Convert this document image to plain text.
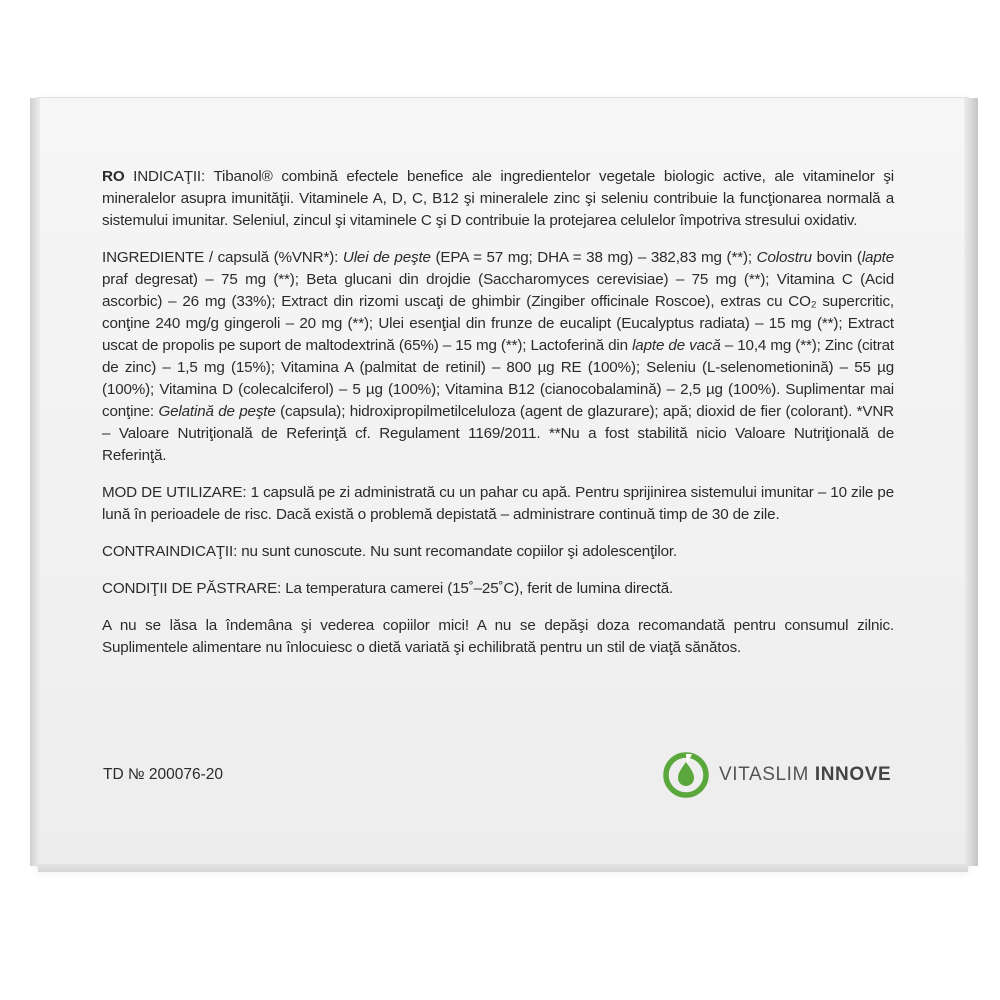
RO INDICAŢII: Tibanol® combină efectele benefice ale ingredientelor vegetale biologic active, ale vitaminelor şi mineralelor asupra imunităţii. Vitaminele A, D, C, B12 şi mineralele zinc şi seleniu contribuie la funcţionarea normală a sistemului imunitar. Seleniul, zincul şi vitaminele C şi D contribuie la protejarea celulelor împotriva stresului oxidativ.

INGREDIENTE / capsulă (%VNR*): Ulei de peşte (EPA = 57 mg; DHA = 38 mg) – 382,83 mg (**); Colostru bovin (lapte praf degresat) – 75 mg (**); Beta glucani din drojdie (Saccharomyces cerevisiae) – 75 mg (**); Vitamina C (Acid ascorbic) – 26 mg (33%); Extract din rizomi uscaţi de ghimbir (Zingiber officinale Roscoe), extras cu CO₂ supercritic, conţine 240 mg/g gingeroli – 20 mg (**); Ulei esenţial din frunze de eucalipt (Eucalyptus radiata) – 15 mg (**); Extract uscat de propolis pe suport de maltodextrină (65%) – 15 mg (**); Lactoferină din lapte de vacă – 10,4 mg (**); Zinc (citrat de zinc) – 1,5 mg (15%); Vitamina A (palmitat de retinil) – 800 µg RE (100%); Seleniu (L-selenometionină) – 55 µg (100%); Vitamina D (colecalciferol) – 5 µg (100%); Vitamina B12 (cianocobalamină) – 2,5 µg (100%). Suplimentar mai conţine: Gelatină de peşte (capsula); hidroxipropilmetilceluloza (agent de glazurare); apă; dioxid de fier (colorant). *VNR – Valoare Nutriţională de Referinţă cf. Regulament 1169/2011. **Nu a fost stabilită nicio Valoare Nutriţională de Referinţă.

MOD DE UTILIZARE: 1 capsulă pe zi administrată cu un pahar cu apă. Pentru sprijinirea sistemului imunitar – 10 zile pe lună în perioadele de risc. Dacă există o problemă depistată – administrare continuă timp de 30 de zile.

CONTRAINDICAŢII: nu sunt cunoscute. Nu sunt recomandate copiilor şi adolescenţilor.

CONDIŢII DE PĂSTRARE: La temperatura camerei (15˚–25˚C), ferit de lumina directă.

A nu se lăsa la îndemâna şi vederea copiilor mici! A nu se depăşi doza recomandată pentru consumul zilnic. Suplimentele alimentare nu înlocuiesc o dietă variată şi echilibrată pentru un stil de viaţă sănătos.

TD № 200076-20	VITASLIM INNOVE
